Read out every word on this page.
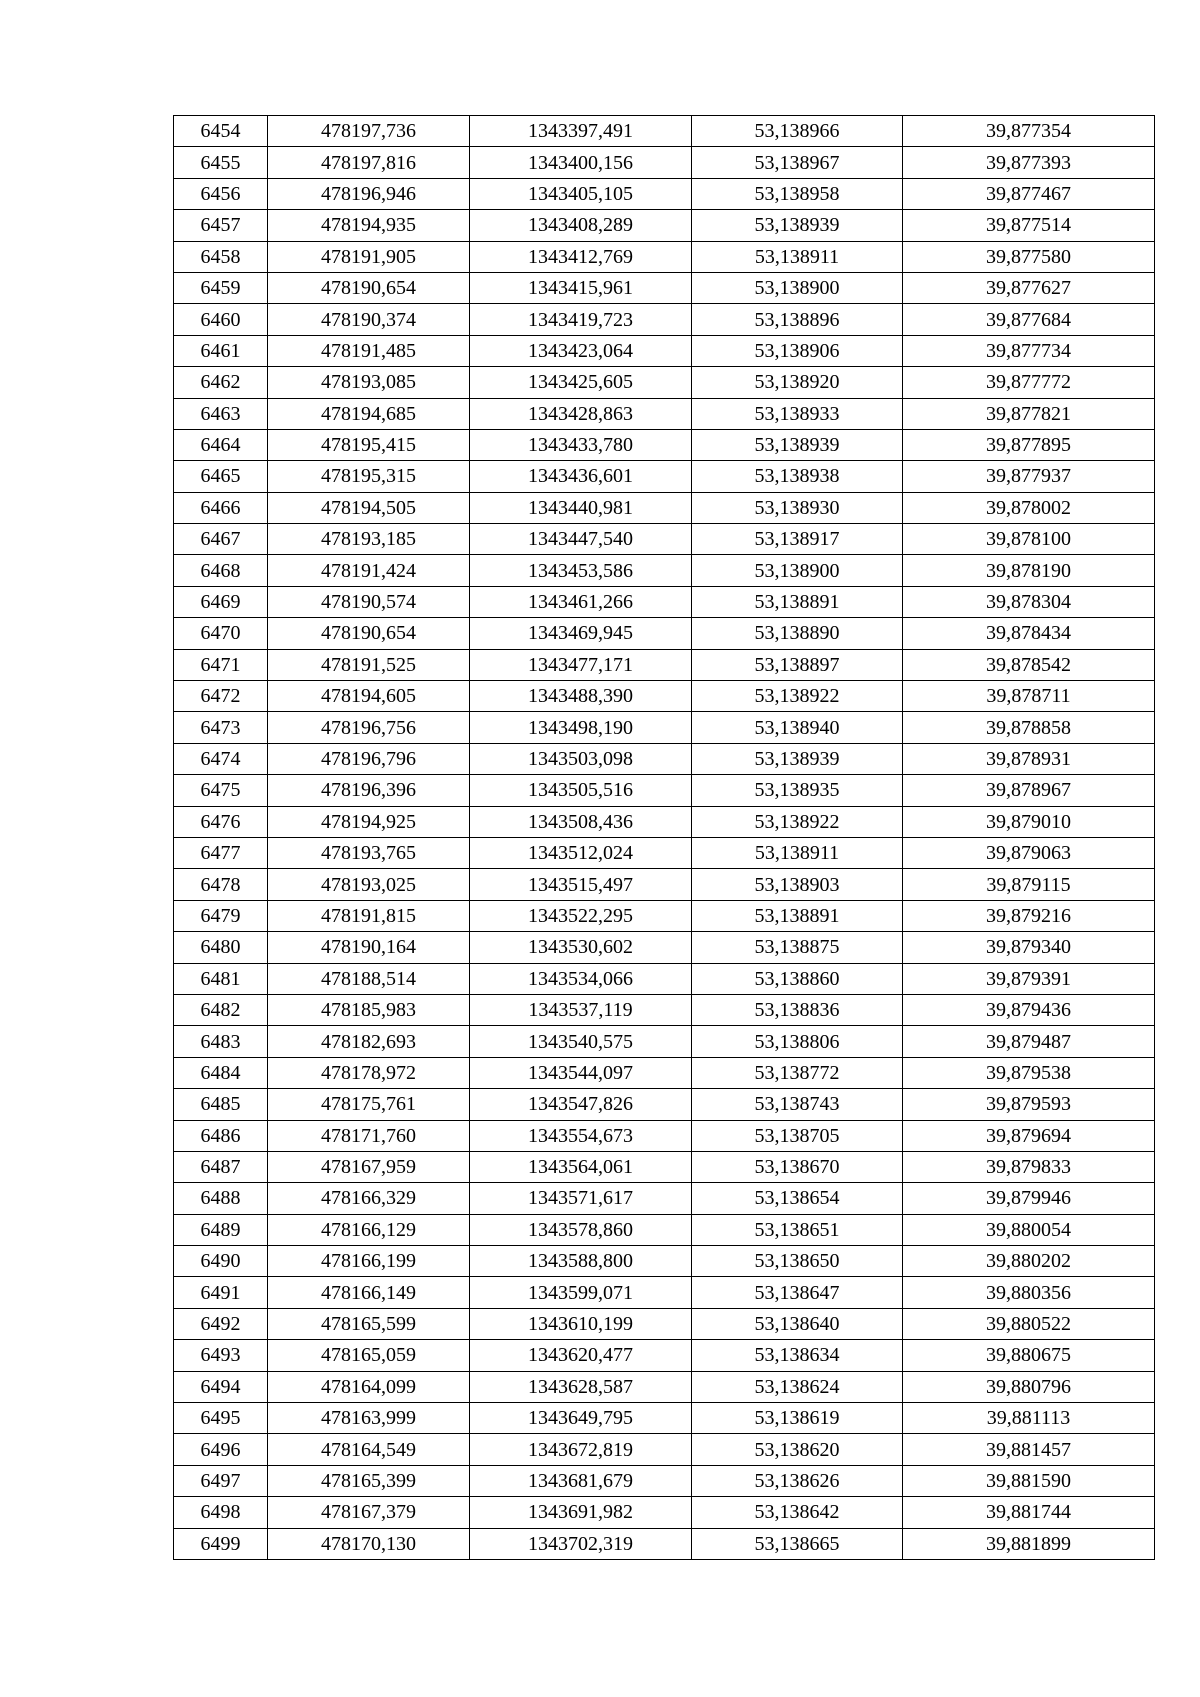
6454	478197,736	1343397,491	53,138966	39,877354
6455	478197,816	1343400,156	53,138967	39,877393
6456	478196,946	1343405,105	53,138958	39,877467
6457	478194,935	1343408,289	53,138939	39,877514
6458	478191,905	1343412,769	53,138911	39,877580
6459	478190,654	1343415,961	53,138900	39,877627
6460	478190,374	1343419,723	53,138896	39,877684
6461	478191,485	1343423,064	53,138906	39,877734
6462	478193,085	1343425,605	53,138920	39,877772
6463	478194,685	1343428,863	53,138933	39,877821
6464	478195,415	1343433,780	53,138939	39,877895
6465	478195,315	1343436,601	53,138938	39,877937
6466	478194,505	1343440,981	53,138930	39,878002
6467	478193,185	1343447,540	53,138917	39,878100
6468	478191,424	1343453,586	53,138900	39,878190
6469	478190,574	1343461,266	53,138891	39,878304
6470	478190,654	1343469,945	53,138890	39,878434
6471	478191,525	1343477,171	53,138897	39,878542
6472	478194,605	1343488,390	53,138922	39,878711
6473	478196,756	1343498,190	53,138940	39,878858
6474	478196,796	1343503,098	53,138939	39,878931
6475	478196,396	1343505,516	53,138935	39,878967
6476	478194,925	1343508,436	53,138922	39,879010
6477	478193,765	1343512,024	53,138911	39,879063
6478	478193,025	1343515,497	53,138903	39,879115
6479	478191,815	1343522,295	53,138891	39,879216
6480	478190,164	1343530,602	53,138875	39,879340
6481	478188,514	1343534,066	53,138860	39,879391
6482	478185,983	1343537,119	53,138836	39,879436
6483	478182,693	1343540,575	53,138806	39,879487
6484	478178,972	1343544,097	53,138772	39,879538
6485	478175,761	1343547,826	53,138743	39,879593
6486	478171,760	1343554,673	53,138705	39,879694
6487	478167,959	1343564,061	53,138670	39,879833
6488	478166,329	1343571,617	53,138654	39,879946
6489	478166,129	1343578,860	53,138651	39,880054
6490	478166,199	1343588,800	53,138650	39,880202
6491	478166,149	1343599,071	53,138647	39,880356
6492	478165,599	1343610,199	53,138640	39,880522
6493	478165,059	1343620,477	53,138634	39,880675
6494	478164,099	1343628,587	53,138624	39,880796
6495	478163,999	1343649,795	53,138619	39,881113
6496	478164,549	1343672,819	53,138620	39,881457
6497	478165,399	1343681,679	53,138626	39,881590
6498	478167,379	1343691,982	53,138642	39,881744
6499	478170,130	1343702,319	53,138665	39,881899
